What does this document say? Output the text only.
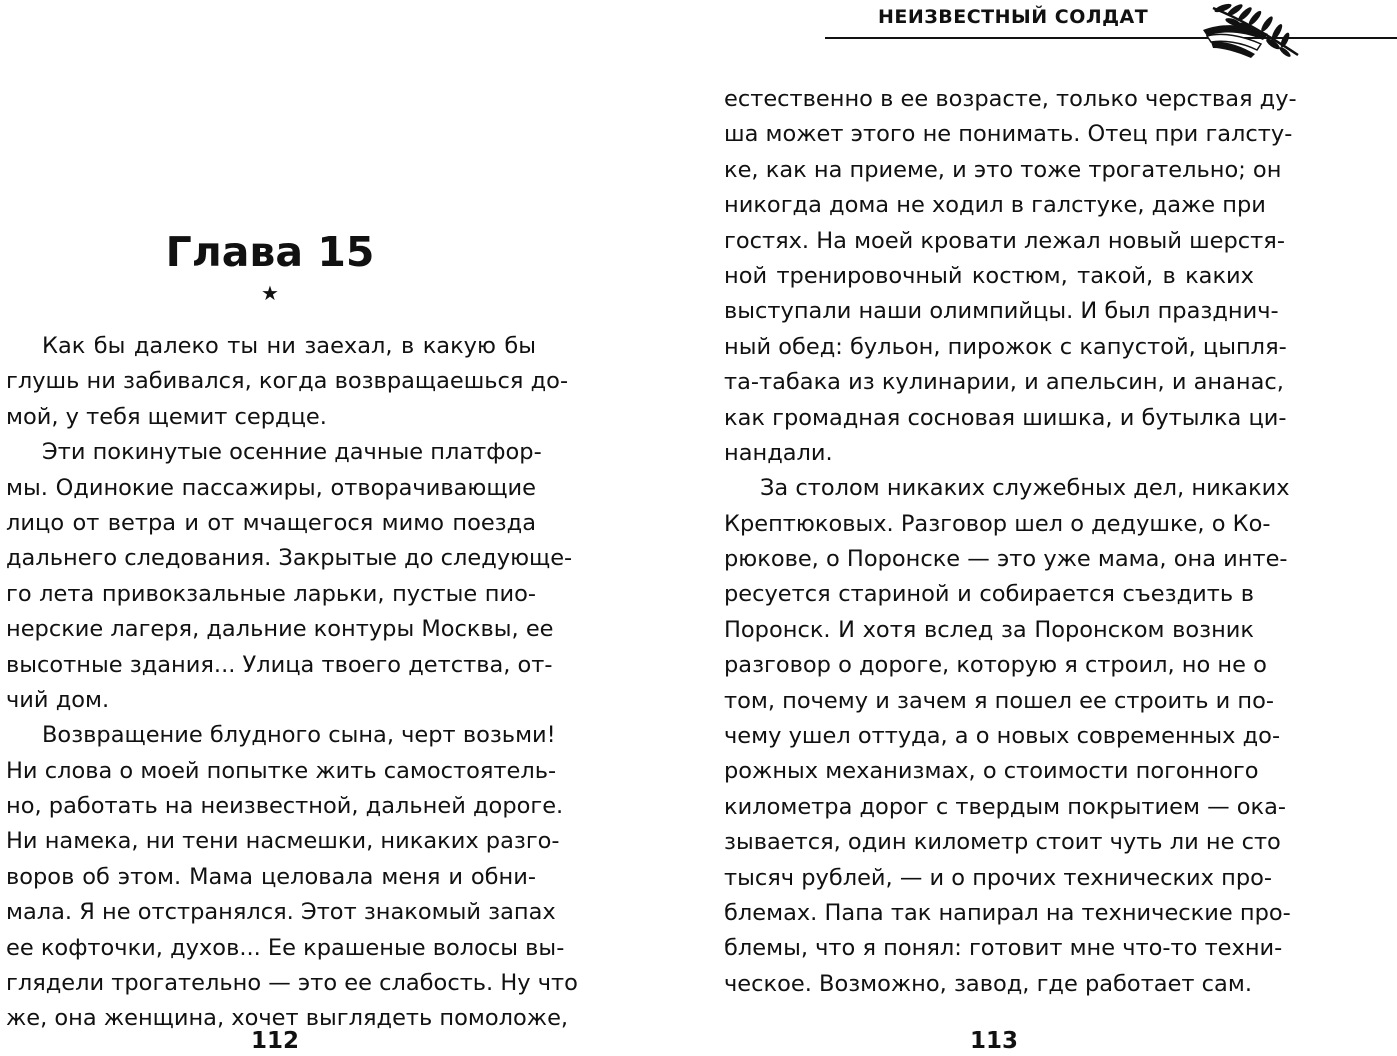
Глава 15
★
Как бы далеко ты ни заехал, в какую бы
глушь ни забивался, когда возвращаешься до-
мой, у тебя щемит сердце.
Эти покинутые осенние дачные платфор-
мы. Одинокие пассажиры, отворачивающие
лицо от ветра и от мчащегося мимо поезда
дальнего следования. Закрытые до следующе-
го лета привокзальные ларьки, пустые пио-
нерские лагеря, дальние контуры Москвы, ее
высотные здания... Улица твоего детства, от-
чий дом.
Возвращение блудного сына, черт возьми!
Ни слова о моей попытке жить самостоятель-
но, работать на неизвестной, дальней дороге.
Ни намека, ни тени насмешки, никаких разго-
воров об этом. Мама целовала меня и обни-
мала. Я не отстранялся. Этот знакомый запах
ее кофточки, духов... Ее крашеные волосы вы-
глядели трогательно — это ее слабость. Ну что
же, она женщина, хочет выглядеть помоложе,
112
НЕИЗВЕСТНЫЙ СОЛДАТ
естественно в ее возрасте, только черствая ду-
ша может этого не понимать. Отец при галсту-
ке, как на приеме, и это тоже трогательно; он
никогда дома не ходил в галстуке, даже при
гостях. На моей кровати лежал новый шерстя-
ной тренировочный костюм, такой, в каких
выступали наши олимпийцы. И был празднич-
ный обед: бульон, пирожок с капустой, цыпля-
та-табака из кулинарии, и апельсин, и ананас,
как громадная сосновая шишка, и бутылка ци-
нандали.
За столом никаких служебных дел, никаких
Крептюковых. Разговор шел о дедушке, о Ко-
рюкове, о Поронске — это уже мама, она инте-
ресуется стариной и собирается съездить в
Поронск. И хотя вслед за Поронском возник
разговор о дороге, которую я строил, но не о
том, почему и зачем я пошел ее строить и по-
чему ушел оттуда, а о новых современных до-
рожных механизмах, о стоимости погонного
километра дорог с твердым покрытием — ока-
зывается, один километр стоит чуть ли не сто
тысяч рублей, — и о прочих технических про-
блемах. Папа так напирал на технические про-
блемы, что я понял: готовит мне что-то техни-
ческое. Возможно, завод, где работает сам.
113
